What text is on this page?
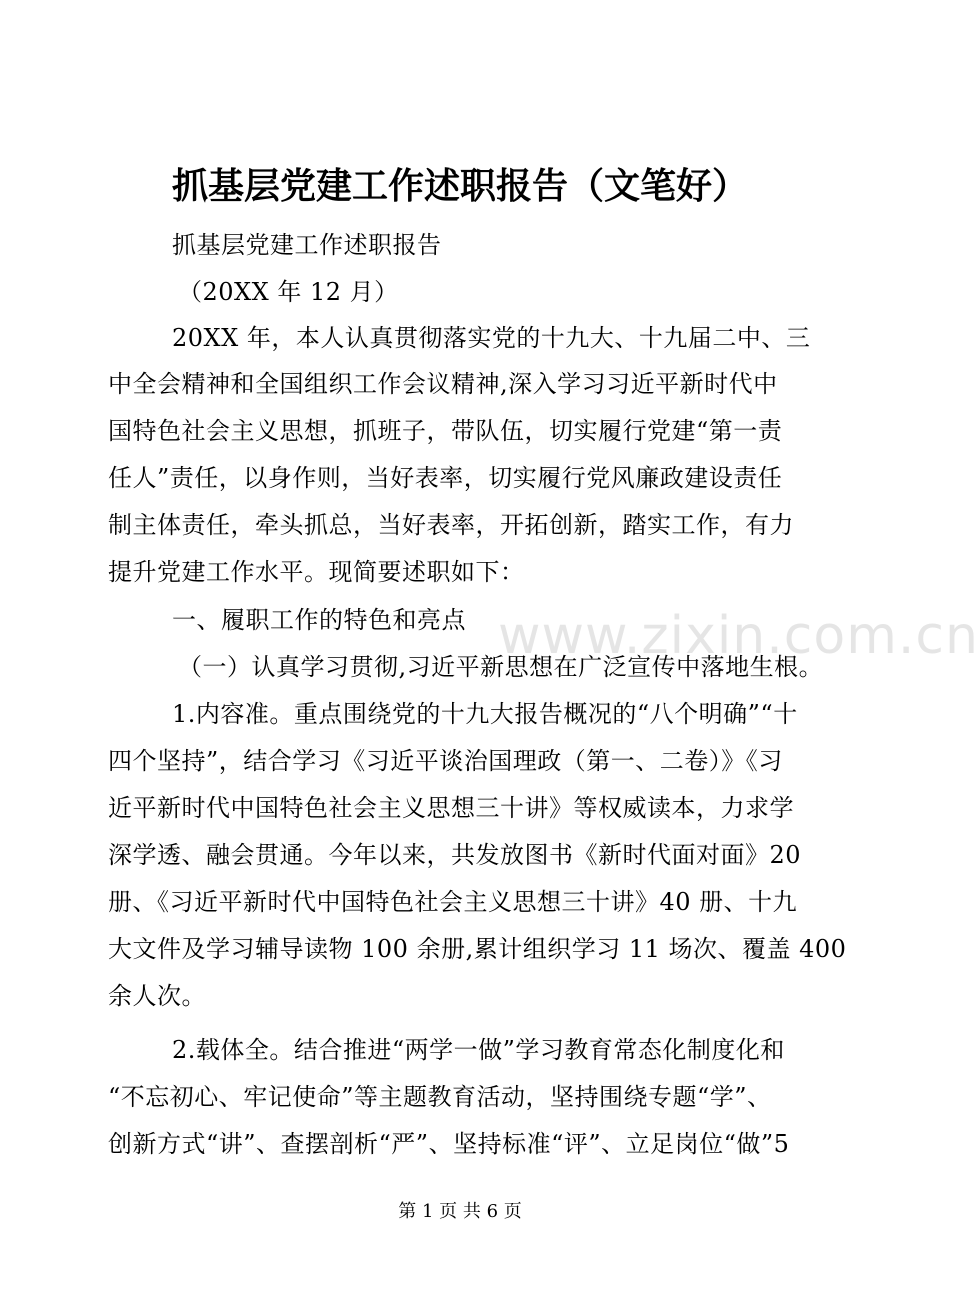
抓基层党建工作述职报告（文笔好）
抓基层党建工作述职报告
（20XX 年 12 月）
20XX 年，本人认真贯彻落实党的十九大、十九届二中、三
中全会精神和全国组织工作会议精神,深入学习习近平新时代中
国特色社会主义思想，抓班子，带队伍，切实履行党建“第一责
任人”责任，以身作则，当好表率，切实履行党风廉政建设责任
制主体责任，牵头抓总，当好表率，开拓创新，踏实工作，有力
提升党建工作水平。现简要述职如下：
一、履职工作的特色和亮点
（一）认真学习贯彻,习近平新思想在广泛宣传中落地生根。
1.内容准。重点围绕党的十九大报告概况的“八个明确”“十
四个坚持”，结合学习《习近平谈治国理政（第一、二卷）》《习
近平新时代中国特色社会主义思想三十讲》等权威读本，力求学
深学透、融会贯通。今年以来，共发放图书《新时代面对面》20
册、《习近平新时代中国特色社会主义思想三十讲》40 册、十九
大文件及学习辅导读物 100 余册,累计组织学习 11 场次、覆盖 400
余人次。
2.载体全。结合推进“两学一做”学习教育常态化制度化和
“不忘初心、牢记使命”等主题教育活动，坚持围绕专题“学”、
创新方式“讲”、查摆剖析“严”、坚持标准“评”、立足岗位“做”5
www.zixin.com.cn
第 1 页 共 6 页
